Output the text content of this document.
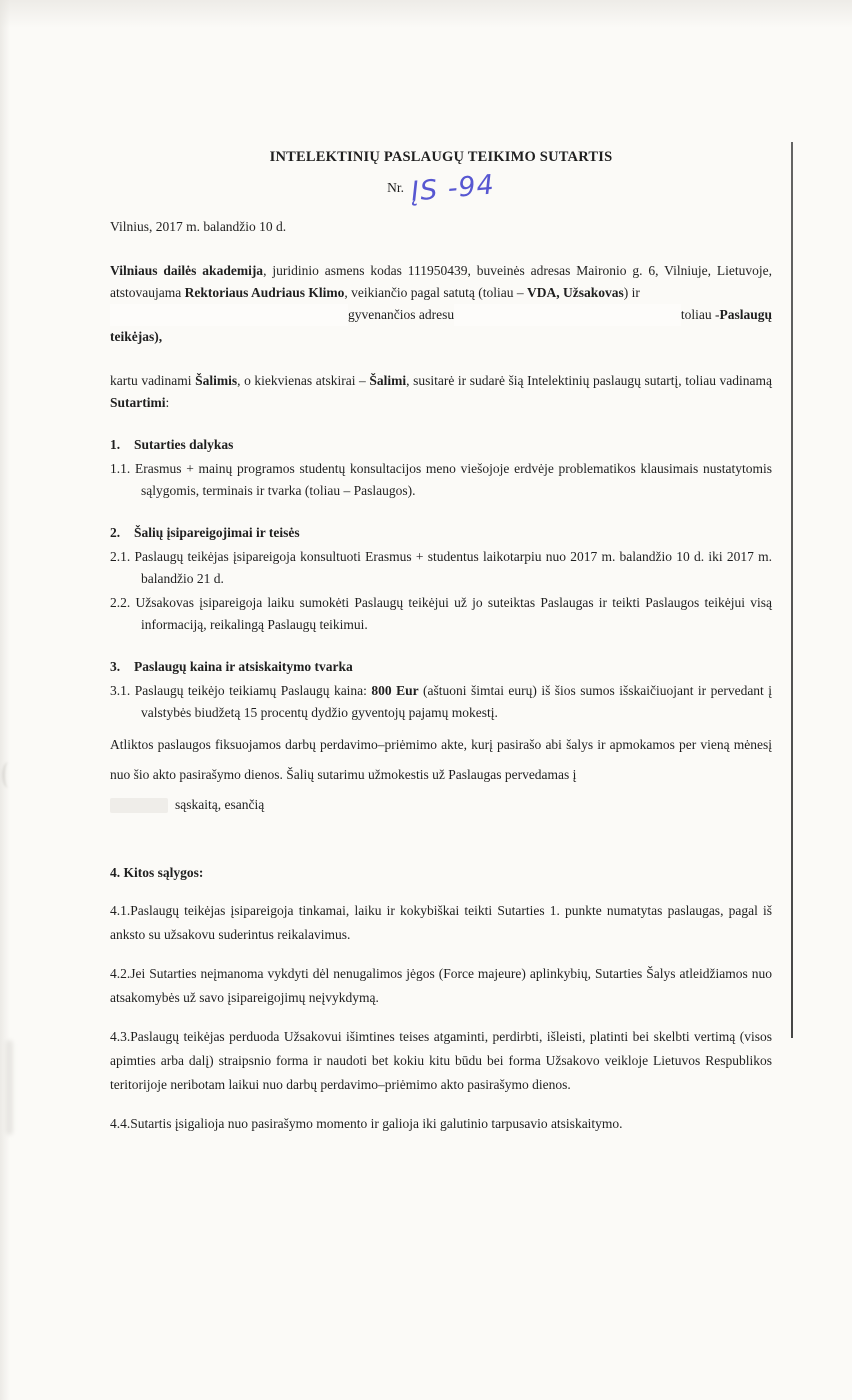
INTELEKTINIŲ PASLAUGŲ TEIKIMO SUTARTIS

Nr. ĮS -94

Vilnius, 2017 m. balandžio 10 d.

Vilniaus dailės akademija, juridinio asmens kodas 111950439, buveinės adresas Maironio g. 6, Vilniuje, Lietuvoje, atstovaujama Rektoriaus Audriaus Klimo, veikiančio pagal satutą (toliau – VDA, Užsakovas) ir

gyvenančios adresu	toliau - Paslaugų
teikėjas),

kartu vadinami Šalimis, o kiekvienas atskirai – Šalimi, susitarė ir sudarė šią Intelektinių paslaugų sutartį, toliau vadinamą Sutartimi:

1. Sutarties dalykas

1.1. Erasmus + mainų programos studentų konsultacijos meno viešojoje erdvėje problematikos klausimais nustatytomis sąlygomis, terminais ir tvarka (toliau – Paslaugos).

2. Šalių įsipareigojimai ir teisės

2.1. Paslaugų teikėjas įsipareigoja konsultuoti Erasmus + studentus laikotarpiu nuo 2017 m. balandžio 10 d. iki 2017 m. balandžio 21 d.

2.2. Užsakovas įsipareigoja laiku sumokėti Paslaugų teikėjui už jo suteiktas Paslaugas ir teikti Paslaugos teikėjui visą informaciją, reikalingą Paslaugų teikimui.

3. Paslaugų kaina ir atsiskaitymo tvarka

3.1. Paslaugų teikėjo teikiamų Paslaugų kaina: 800 Eur (aštuoni šimtai eurų) iš šios sumos išskaičiuojant ir pervedant į valstybės biudžetą 15 procentų dydžio gyventojų pajamų mokestį.

Atliktos paslaugos fiksuojamos darbų perdavimo–priėmimo akte, kurį pasirašo abi šalys ir apmokamos per vieną mėnesį nuo šio akto pasirašymo dienos. Šalių sutarimu užmokestis už Paslaugas pervedamas į

sąskaitą, esančią

4. Kitos sąlygos:

4.1.Paslaugų teikėjas įsipareigoja tinkamai, laiku ir kokybiškai teikti Sutarties 1. punkte numatytas paslaugas, pagal iš anksto su užsakovu suderintus reikalavimus.

4.2.Jei Sutarties neįmanoma vykdyti dėl nenugalimos jėgos (Force majeure) aplinkybių, Sutarties Šalys atleidžiamos nuo atsakomybės už savo įsipareigojimų neįvykdymą.

4.3.Paslaugų teikėjas perduoda Užsakovui išimtines teises atgaminti, perdirbti, išleisti, platinti bei skelbti vertimą (visos apimties arba dalį) straipsnio forma ir naudoti bet kokiu kitu būdu bei forma Užsakovo veikloje Lietuvos Respublikos teritorijoje neribotam laikui nuo darbų perdavimo–priėmimo akto pasirašymo dienos.

4.4.Sutartis įsigalioja nuo pasirašymo momento ir galioja iki galutinio tarpusavio atsiskaitymo.
